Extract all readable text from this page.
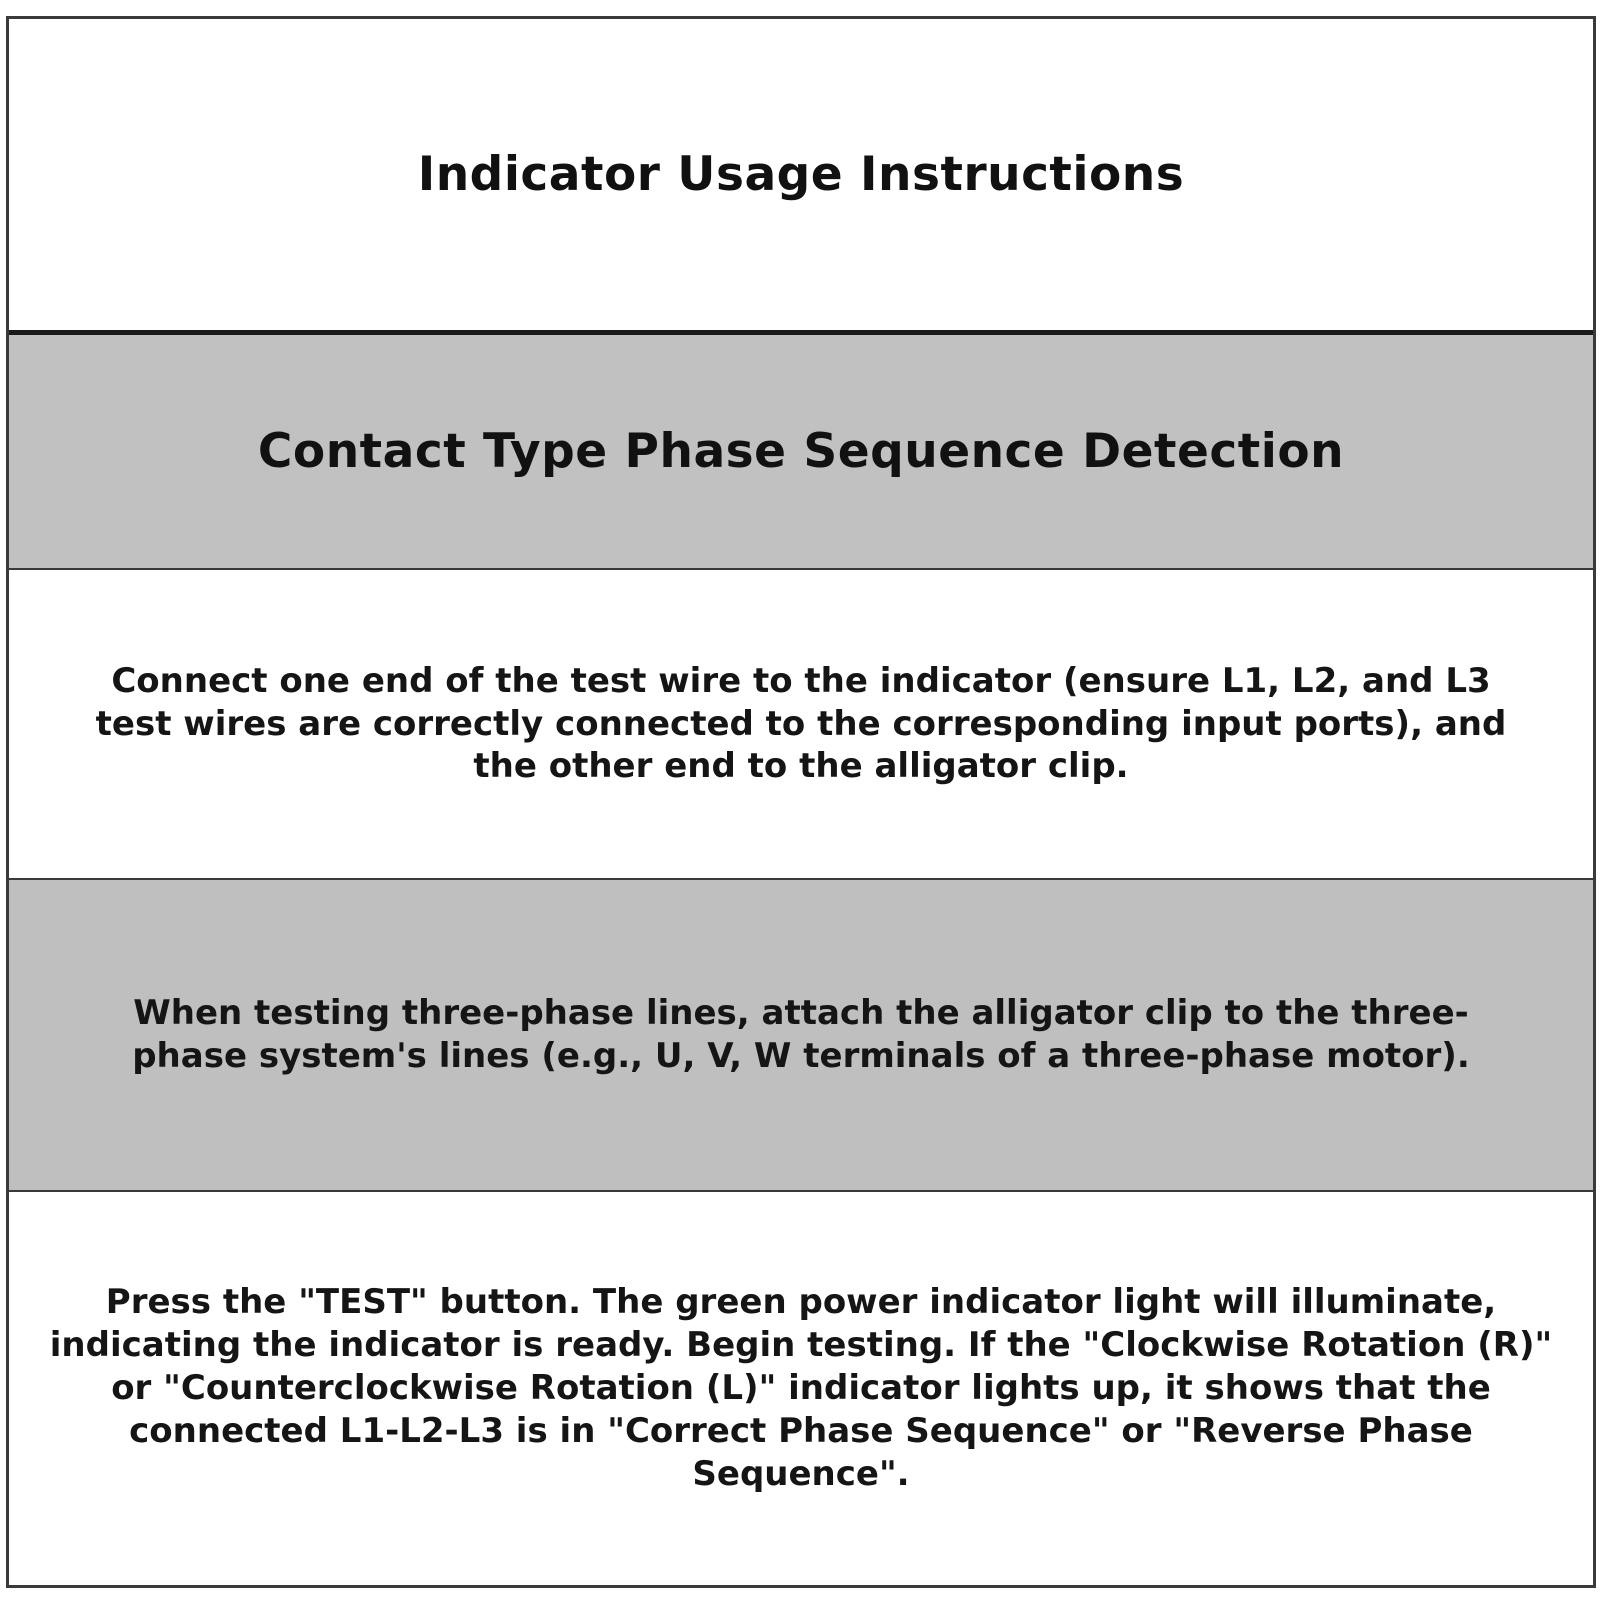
Indicator Usage Instructions
Contact Type Phase Sequence Detection

Connect one end of the test wire to the indicator (ensure L1, L2, and L3 test wires are correctly connected to the corresponding input ports), and the other end to the alligator clip.

When testing three-phase lines, attach the alligator clip to the three-phase system's lines (e.g., U, V, W terminals of a three-phase motor).

Press the "TEST" button. The green power indicator light will illuminate, indicating the indicator is ready. Begin testing. If the "Clockwise Rotation (R)" or "Counterclockwise Rotation (L)" indicator lights up, it shows that the connected L1-L2-L3 is in "Correct Phase Sequence" or "Reverse Phase Sequence".
